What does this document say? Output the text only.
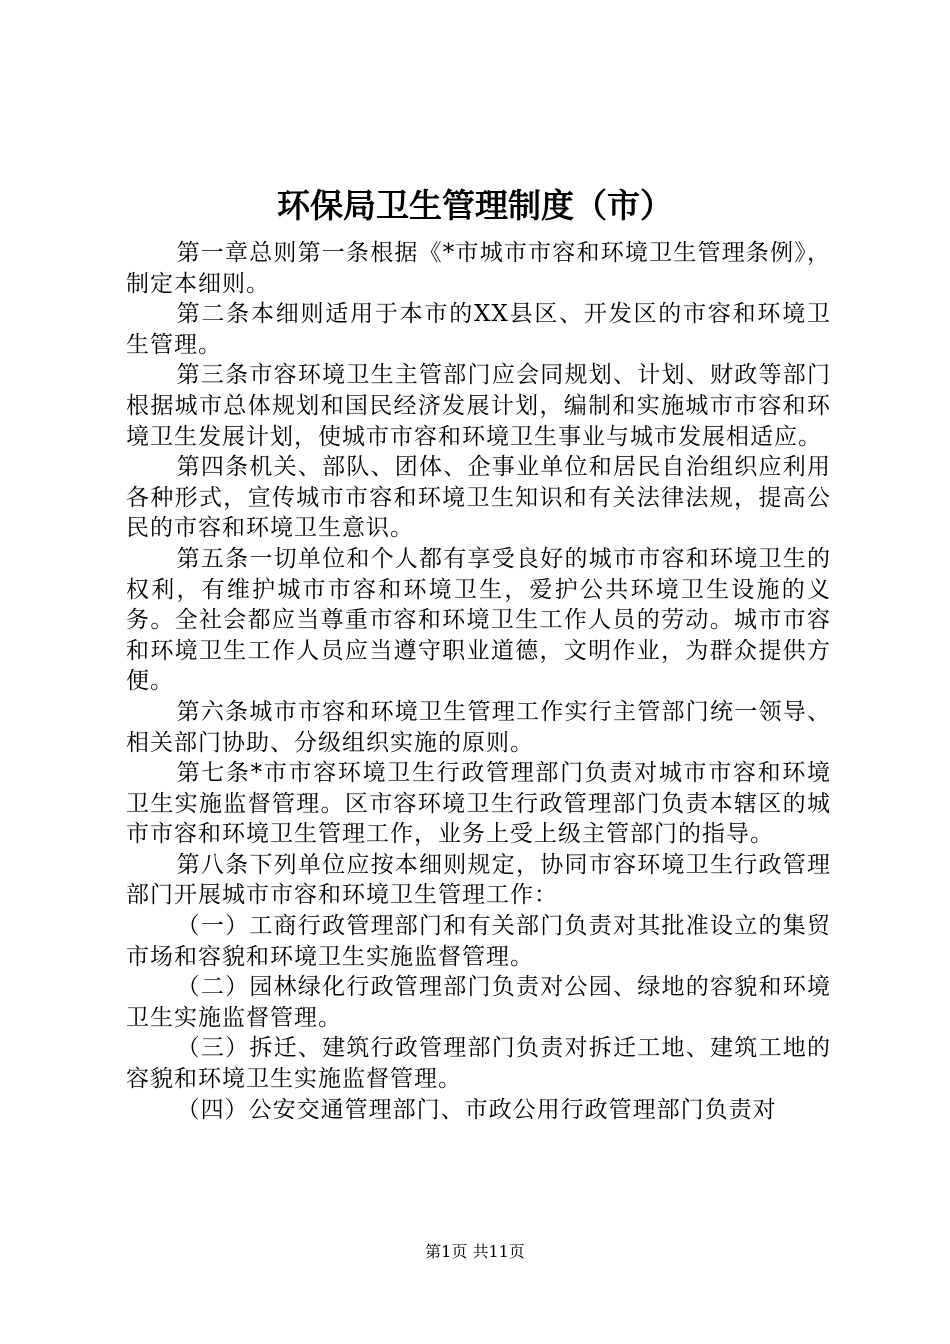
环保局卫生管理制度（市）

第一章总则第一条根据《*市城市市容和环境卫生管理条例》，制定本细则。

第二条本细则适用于本市的XX县区、开发区的市容和环境卫生管理。

第三条市容环境卫生主管部门应会同规划、计划、财政等部门根据城市总体规划和国民经济发展计划，编制和实施城市市容和环境卫生发展计划，使城市市容和环境卫生事业与城市发展相适应。

第四条机关、部队、团体、企事业单位和居民自治组织应利用各种形式，宣传城市市容和环境卫生知识和有关法律法规，提高公民的市容和环境卫生意识。

第五条一切单位和个人都有享受良好的城市市容和环境卫生的权利，有维护城市市容和环境卫生，爱护公共环境卫生设施的义务。全社会都应当尊重市容和环境卫生工作人员的劳动。城市市容和环境卫生工作人员应当遵守职业道德，文明作业，为群众提供方便。

第六条城市市容和环境卫生管理工作实行主管部门统一领导、相关部门协助、分级组织实施的原则。

第七条*市市容环境卫生行政管理部门负责对城市市容和环境卫生实施监督管理。区市容环境卫生行政管理部门负责本辖区的城市市容和环境卫生管理工作，业务上受上级主管部门的指导。

第八条下列单位应按本细则规定，协同市容环境卫生行政管理部门开展城市市容和环境卫生管理工作：

（一）工商行政管理部门和有关部门负责对其批准设立的集贸市场和容貌和环境卫生实施监督管理。

（二）园林绿化行政管理部门负责对公园、绿地的容貌和环境卫生实施监督管理。

（三）拆迁、建筑行政管理部门负责对拆迁工地、建筑工地的容貌和环境卫生实施监督管理。

（四）公安交通管理部门、市政公用行政管理部门负责对

第1页 共11页
